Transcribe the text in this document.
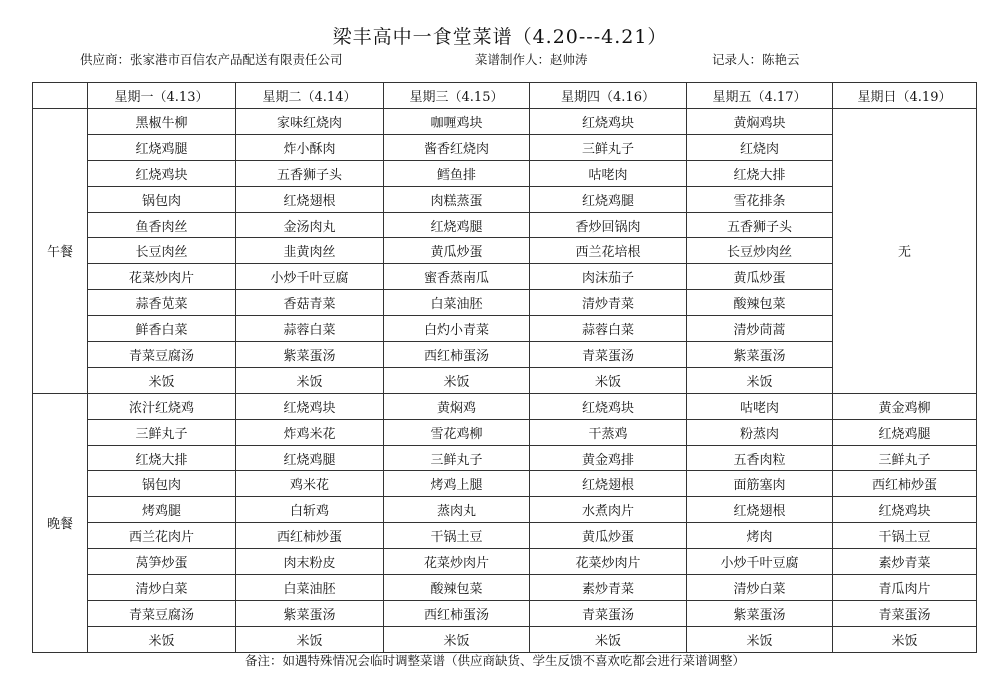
梁丰高中一食堂菜谱（4.20---4.21）
供应商：张家港市百信农产品配送有限责任公司	菜谱制作人：赵帅涛	记录人：陈艳云
	星期一（4.13）	星期二（4.14）	星期三（4.15）	星期四（4.16）	星期五（4.17）	星期日（4.19）
午餐	黑椒牛柳	家味红烧肉	咖喱鸡块	红烧鸡块	黄焖鸡块	无
	红烧鸡腿	炸小酥肉	酱香红烧肉	三鲜丸子	红烧肉	
	红烧鸡块	五香狮子头	鳕鱼排	咕咾肉	红烧大排	
	锅包肉	红烧翅根	肉糕蒸蛋	红烧鸡腿	雪花排条	
	鱼香肉丝	金汤肉丸	红烧鸡腿	香炒回锅肉	五香狮子头	
	长豆肉丝	韭黄肉丝	黄瓜炒蛋	西兰花培根	长豆炒肉丝	
	花菜炒肉片	小炒千叶豆腐	蜜香蒸南瓜	肉沫茄子	黄瓜炒蛋	
	蒜香苋菜	香菇青菜	白菜油胚	清炒青菜	酸辣包菜	
	鲜香白菜	蒜蓉白菜	白灼小青菜	蒜蓉白菜	清炒茼蒿	
	青菜豆腐汤	紫菜蛋汤	西红柿蛋汤	青菜蛋汤	紫菜蛋汤	
	米饭	米饭	米饭	米饭	米饭	
晚餐	浓汁红烧鸡	红烧鸡块	黄焖鸡	红烧鸡块	咕咾肉	黄金鸡柳
	三鲜丸子	炸鸡米花	雪花鸡柳	干蒸鸡	粉蒸肉	红烧鸡腿
	红烧大排	红烧鸡腿	三鲜丸子	黄金鸡排	五香肉粒	三鲜丸子
	锅包肉	鸡米花	烤鸡上腿	红烧翅根	面筋塞肉	西红柿炒蛋
	烤鸡腿	白斩鸡	蒸肉丸	水煮肉片	红烧翅根	红烧鸡块
	西兰花肉片	西红柿炒蛋	干锅土豆	黄瓜炒蛋	烤肉	干锅土豆
	莴笋炒蛋	肉末粉皮	花菜炒肉片	花菜炒肉片	小炒千叶豆腐	素炒青菜
	清炒白菜	白菜油胚	酸辣包菜	素炒青菜	清炒白菜	青瓜肉片
	青菜豆腐汤	紫菜蛋汤	西红柿蛋汤	青菜蛋汤	紫菜蛋汤	青菜蛋汤
	米饭	米饭	米饭	米饭	米饭	米饭
备注：如遇特殊情况会临时调整菜谱（供应商缺货、学生反馈不喜欢吃都会进行菜谱调整）
